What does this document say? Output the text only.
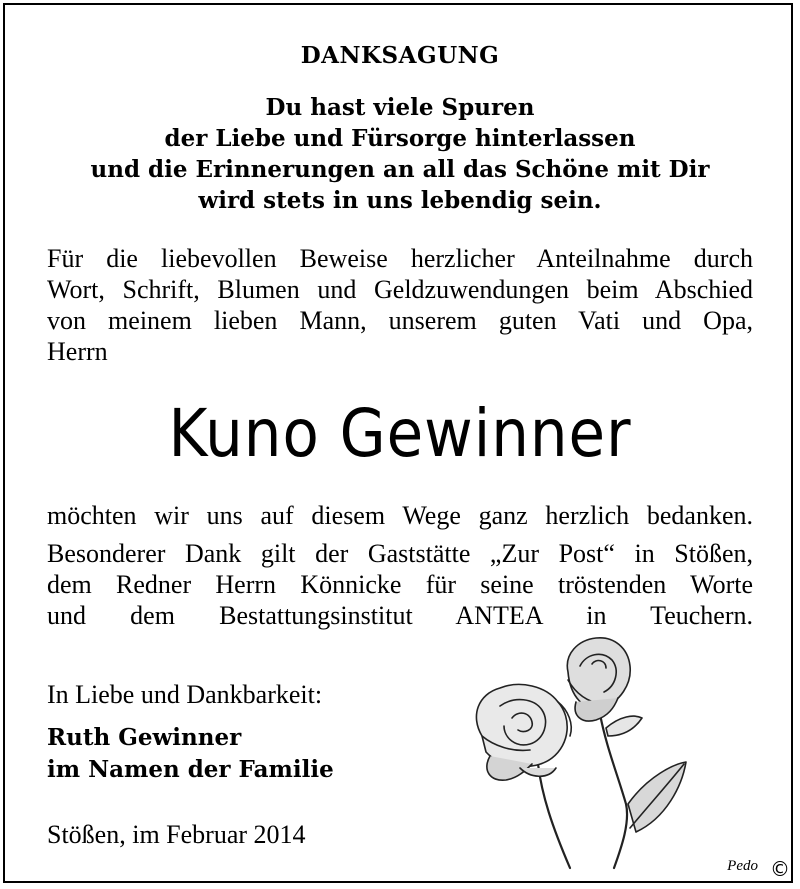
DANKSAGUNG
Du hast viele Spuren
der Liebe und Fürsorge hinterlassen
und die Erinnerungen an all das Schöne mit Dir
wird stets in uns lebendig sein.
Für die liebevollen Beweise herzlicher Anteilnahme durch
Wort, Schrift, Blumen und Geldzuwendungen beim Abschied
von meinem lieben Mann, unserem guten Vati und Opa,
Herrn
Kuno Gewinner
möchten wir uns auf diesem Wege ganz herzlich bedanken.
Besonderer Dank gilt der Gaststätte „Zur Post“ in Stößen,
dem Redner Herrn Könnicke für seine tröstenden Worte
und dem Bestattungsinstitut ANTEA in Teuchern.
In Liebe und Dankbarkeit:
Ruth Gewinner
im Namen der Familie
Stößen, im Februar 2014
Pedo ©
